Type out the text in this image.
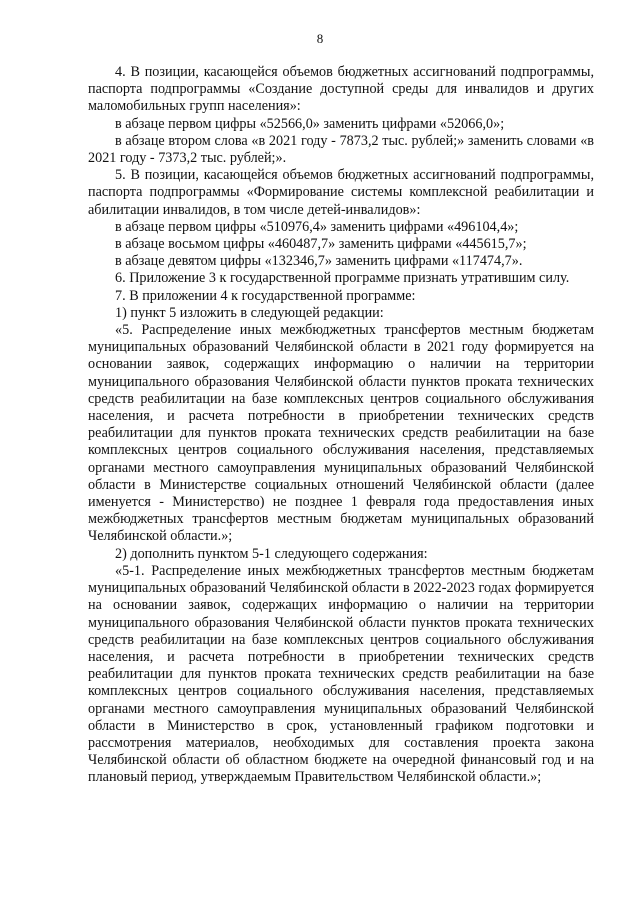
8

4. В позиции, касающейся объемов бюджетных ассигнований подпрограммы, паспорта подпрограммы «Создание доступной среды для инвалидов и других маломобильных групп населения»:

в абзаце первом цифры «52566,0» заменить цифрами «52066,0»;

в абзаце втором слова «в 2021 году - 7873,2 тыс. рублей;» заменить словами «в 2021 году - 7373,2 тыс. рублей;».

5. В позиции, касающейся объемов бюджетных ассигнований подпрограммы, паспорта подпрограммы «Формирование системы комплексной реабилитации и абилитации инвалидов, в том числе детей-инвалидов»:

в абзаце первом цифры «510976,4» заменить цифрами «496104,4»;

в абзаце восьмом цифры «460487,7» заменить цифрами «445615,7»;

в абзаце девятом цифры «132346,7» заменить цифрами «117474,7».

6. Приложение 3 к государственной программе признать утратившим силу.

7. В приложении 4 к государственной программе:

1) пункт 5 изложить в следующей редакции:

«5. Распределение иных межбюджетных трансфертов местным бюджетам муниципальных образований Челябинской области в 2021 году формируется на основании заявок, содержащих информацию о наличии на территории муниципального образования Челябинской области пунктов проката технических средств реабилитации на базе комплексных центров социального обслуживания населения, и расчета потребности в приобретении технических средств реабилитации для пунктов проката технических средств реабилитации на базе комплексных центров социального обслуживания населения, представляемых органами местного самоуправления муниципальных образований Челябинской области в Министерстве социальных отношений Челябинской области (далее именуется - Министерство) не позднее 1 февраля года предоставления иных межбюджетных трансфертов местным бюджетам муниципальных образований Челябинской области.»;

2) дополнить пунктом 5-1 следующего содержания:

«5-1. Распределение иных межбюджетных трансфертов местным бюджетам муниципальных образований Челябинской области в 2022-2023 годах формируется на основании заявок, содержащих информацию о наличии на территории муниципального образования Челябинской области пунктов проката технических средств реабилитации на базе комплексных центров социального обслуживания населения, и расчета потребности в приобретении технических средств реабилитации для пунктов проката технических средств реабилитации на базе комплексных центров социального обслуживания населения, представляемых органами местного самоуправления муниципальных образований Челябинской области в Министерство в срок, установленный графиком подготовки и рассмотрения материалов, необходимых для составления проекта закона Челябинской области об областном бюджете на очередной финансовый год и на плановый период, утверждаемым Правительством Челябинской области.»;
